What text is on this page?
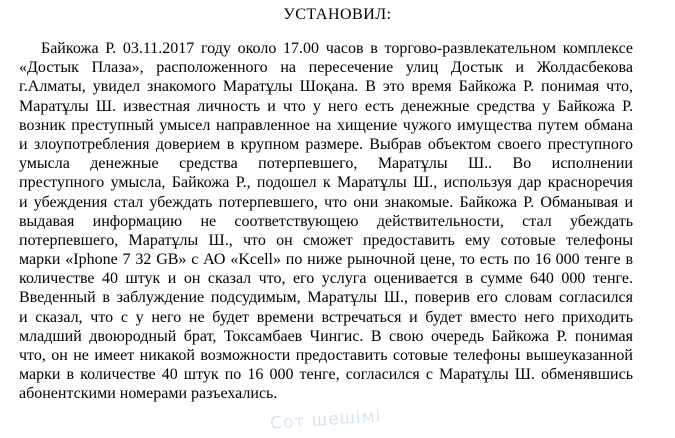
УСТАНОВИЛ:
Байкожа Р. 03.11.2017 году около 17.00 часов в торгово-развлекательном комплексе
«Достык Плаза», расположенного на пересечение улиц Достык и Жолдасбекова
г.Алматы, увидел знакомого Маратұлы Шоқана. В это время Байкожа Р. понимая что,
Маратұлы Ш. известная личность и что у него есть денежные средства у Байкожа Р.
возник преступный умысел направленное на хищение чужого имущества путем обмана
и злоупотребления доверием в крупном размере. Выбрав объектом своего преступного
умысла денежные средства потерпевшего, Маратұлы Ш.. Во исполнении
преступного умысла, Байкожа Р., подошел к Маратұлы Ш., используя дар красноречия
и убеждения стал убеждать потерпевшего, что они знакомые. Байкожа Р. Обманывая и
выдавая информацию не соответствующею действительности, стал убеждать
потерпевшего, Маратұлы Ш., что он сможет предоставить ему сотовые телефоны
марки «Iphone 7 32 GB» с АО «Kcell» по ниже рыночной цене, то есть по 16 000 тенге в
количестве 40 штук и он сказал что, его услуга оценивается в сумме 640 000 тенге.
Введенный в заблуждение подсудимым, Маратұлы Ш., поверив его словам согласился
и сказал, что с у него не будет времени встречаться и будет вместо него приходить
младший двоюродный брат, Токсамбаев Чингис. В свою очередь Байкожа Р. понимая
что, он не имеет никакой возможности предоставить сотовые телефоны вышеуказанной
марки в количестве 40 штук по 16 000 тенге, согласился с Маратұлы Ш. обменявшись
абонентскими номерами разъехались.
Сот шешімі
